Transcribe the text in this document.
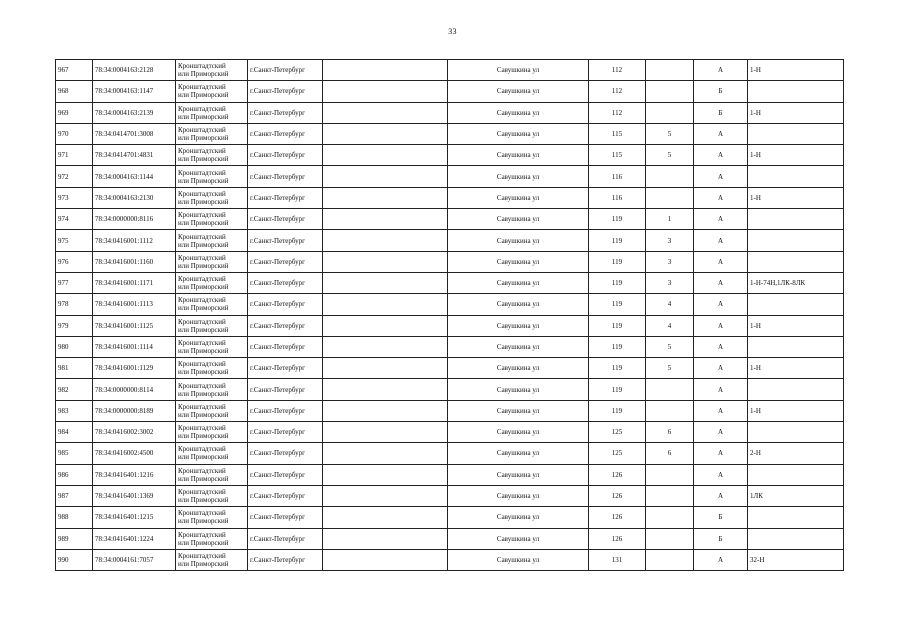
33
967	78:34:0004163:2128	Кронштадтский
или Приморский	г.Санкт-Петербург		Савушкина ул	112		А	1-Н
968	78:34:0004163:1147	Кронштадтский
или Приморский	г.Санкт-Петербург		Савушкина ул	112		Б	
969	78:34:0004163:2139	Кронштадтский
или Приморский	г.Санкт-Петербург		Савушкина ул	112		Б	1-Н
970	78:34:0414701:3008	Кронштадтский
или Приморский	г.Санкт-Петербург		Савушкина ул	115	5	А	
971	78:34:0414701:4831	Кронштадтский
или Приморский	г.Санкт-Петербург		Савушкина ул	115	5	А	1-Н
972	78:34:0004163:1144	Кронштадтский
или Приморский	г.Санкт-Петербург		Савушкина ул	116		А	
973	78:34:0004163:2130	Кронштадтский
или Приморский	г.Санкт-Петербург		Савушкина ул	116		А	1-Н
974	78:34:0000000:8116	Кронштадтский
или Приморский	г.Санкт-Петербург		Савушкина ул	119	1	А	
975	78:34:0416001:1112	Кронштадтский
или Приморский	г.Санкт-Петербург		Савушкина ул	119	3	А	
976	78:34:0416001:1160	Кронштадтский
или Приморский	г.Санкт-Петербург		Савушкина ул	119	3	А	
977	78:34:0416001:1171	Кронштадтский
или Приморский	г.Санкт-Петербург		Савушкина ул	119	3	А	1-Н-74Н,1ЛК-8ЛК
978	78:34:0416001:1113	Кронштадтский
или Приморский	г.Санкт-Петербург		Савушкина ул	119	4	А	
979	78:34:0416001:1125	Кронштадтский
или Приморский	г.Санкт-Петербург		Савушкина ул	119	4	А	1-Н
980	78:34:0416001:1114	Кронштадтский
или Приморский	г.Санкт-Петербург		Савушкина ул	119	5	А	
981	78:34:0416001:1129	Кронштадтский
или Приморский	г.Санкт-Петербург		Савушкина ул	119	5	А	1-Н
982	78:34:0000000:8114	Кронштадтский
или Приморский	г.Санкт-Петербург		Савушкина ул	119		А	
983	78:34:0000000:8189	Кронштадтский
или Приморский	г.Санкт-Петербург		Савушкина ул	119		А	1-Н
984	78:34:0416002:3002	Кронштадтский
или Приморский	г.Санкт-Петербург		Савушкина ул	125	6	А	
985	78:34:0416002:4500	Кронштадтский
или Приморский	г.Санкт-Петербург		Савушкина ул	125	6	А	2-Н
986	78:34:0416401:1216	Кронштадтский
или Приморский	г.Санкт-Петербург		Савушкина ул	126		А	
987	78:34:0416401:1369	Кронштадтский
или Приморский	г.Санкт-Петербург		Савушкина ул	126		А	1ЛК
988	78:34:0416401:1215	Кронштадтский
или Приморский	г.Санкт-Петербург		Савушкина ул	126		Б	
989	78:34:0416401:1224	Кронштадтский
или Приморский	г.Санкт-Петербург		Савушкина ул	126		Б	
990	78:34:0004161:7057	Кронштадтский
или Приморский	г.Санкт-Петербург		Савушкина ул	131		А	32-Н
